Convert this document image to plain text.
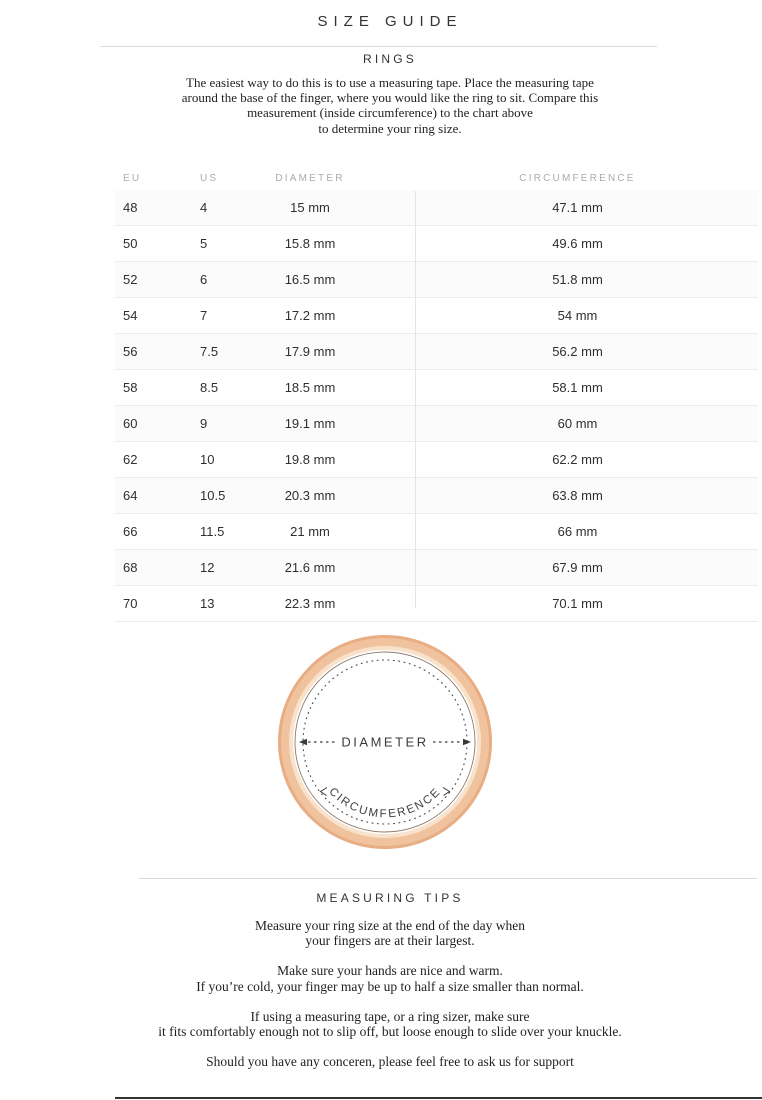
SIZE GUIDE
RINGS
The easiest way to do this is to use a measuring tape. Place the measuring tape
around the base of the finger, where you would like the ring to sit. Compare this
measurement (inside circumference) to the chart above
to determine your ring size.
EU	US	DIAMETER	CIRCUMFERENCE
48	4	15 mm	47.1 mm
50	5	15.8 mm	49.6 mm
52	6	16.5 mm	51.8 mm
54	7	17.2 mm	54 mm
56	7.5	17.9 mm	56.2 mm
58	8.5	18.5 mm	58.1 mm
60	9	19.1 mm	60 mm
62	10	19.8 mm	62.2 mm
64	10.5	20.3 mm	63.8 mm
66	11.5	21 mm	66 mm
68	12	21.6 mm	67.9 mm
70	13	22.3 mm	70.1 mm
DIAMETER
CIRCUMFERENCE
MEASURING TIPS
Measure your ring size at the end of the day when
your fingers are at their largest.
Make sure your hands are nice and warm.
If you’re cold, your finger may be up to half a size smaller than normal.
If using a measuring tape, or a ring sizer, make sure
it fits comfortably enough not to slip off, but loose enough to slide over your knuckle.
Should you have any conceren, please feel free to ask us for support
